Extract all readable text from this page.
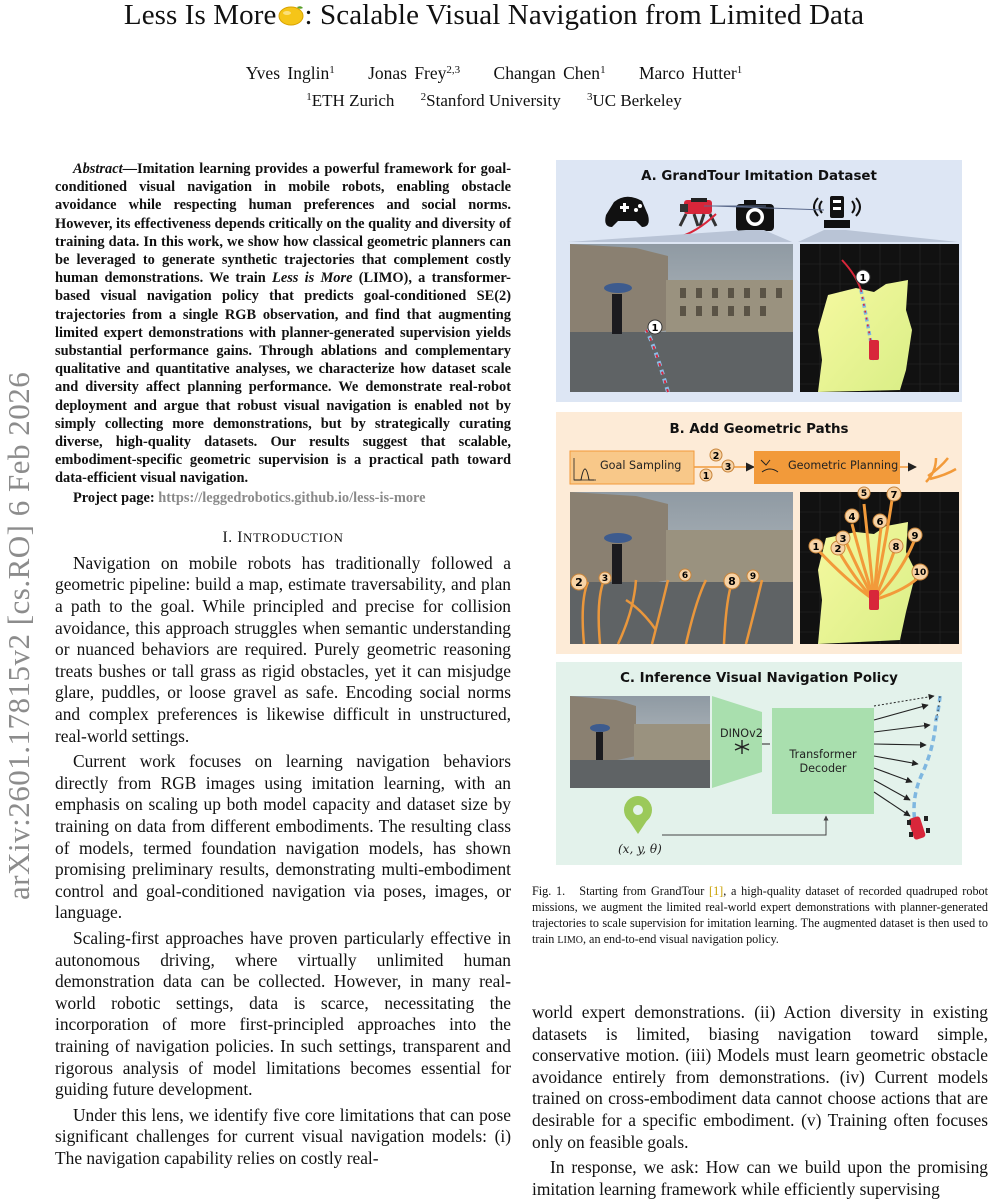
Less Is More : Scalable Visual Navigation from Limited Data
Yves Inglin$^1$ Jonas Frey$^{2,3}$ Changan Chen$^1$ Marco Hutter$^1$
$^1$ETH Zurich $^2$Stanford University $^3$UC Berkeley
arXiv:2601.17815v2 [cs.RO] 6 Feb 2026

Abstract—Imitation learning provides a powerful framework for goal-conditioned visual navigation in mobile robots, enabling obstacle avoidance while respecting human preferences and social norms. However, its effectiveness depends critically on the quality and diversity of training data. In this work, we show how classical geometric planners can be leveraged to generate synthetic trajectories that complement costly human demonstrations. We train Less is More (LIMO), a transformer-based visual navigation policy that predicts goal-conditioned SE(2) trajectories from a single RGB observation, and find that augmenting limited expert demonstrations with planner-generated supervision yields substantial performance gains. Through ablations and complementary qualitative and quantitative analyses, we characterize how dataset scale and diversity affect planning performance. We demonstrate real-robot deployment and argue that robust visual navigation is enabled not by simply collecting more demonstrations, but by strategically curating diverse, high-quality datasets. Our results suggest that scalable, embodiment-specific geometric supervision is a practical path toward data-efficient visual navigation.

Project page: https://leggedrobotics.github.io/less-is-more

I. INTRODUCTION

Navigation on mobile robots has traditionally followed a geometric pipeline: build a map, estimate traversability, and plan a path to the goal. While principled and precise for collision avoidance, this approach struggles when semantic understanding or nuanced behaviors are required. Purely geometric reasoning treats bushes or tall grass as rigid obstacles, yet it can misjudge glare, puddles, or loose gravel as safe. Encoding social norms and complex preferences is likewise difficult in unstructured, real-world settings.

Current work focuses on learning navigation behaviors directly from RGB images using imitation learning, with an emphasis on scaling up both model capacity and dataset size by training on data from different embodiments. The resulting class of models, termed foundation navigation models, has shown promising preliminary results, demonstrating multi-embodiment control and goal-conditioned navigation via poses, images, or language.

Scaling-first approaches have proven particularly effective in autonomous driving, where virtually unlimited human demonstration data can be collected. However, in many real-world robotic settings, data is scarce, necessitating the incorporation of more first-principled approaches into the training of navigation policies. In such settings, transparent and rigorous analysis of model limitations becomes essential for guiding future development.

Under this lens, we identify five core limitations that can pose significant challenges for current visual navigation models: (i) The navigation capability relies on costly real-

1
1
2
3
1
2 3	6	8 9
1 2
3
4
5
6
7
8
9
10
A. GrandTour Imitation Dataset
B. Add Geometric Paths
C. Inference Visual Navigation Policy
Goal Sampling	Geometric Planning
DINOv2
Transformer
Decoder
(x, y, θ)

Fig. 1. Starting from GrandTour [1], a high-quality dataset of recorded quadruped robot missions, we augment the limited real-world expert demonstrations with planner-generated trajectories to scale supervision for imitation learning. The augmented dataset is then used to train LIMO, an end-to-end visual navigation policy.

world expert demonstrations. (ii) Action diversity in existing datasets is limited, biasing navigation toward simple, conservative motion. (iii) Models must learn geometric obstacle avoidance entirely from demonstrations. (iv) Current models trained on cross-embodiment data cannot choose actions that are desirable for a specific embodiment. (v) Training often focuses only on feasible goals.

In response, we ask: How can we build upon the promising imitation learning framework while efficiently supervising
